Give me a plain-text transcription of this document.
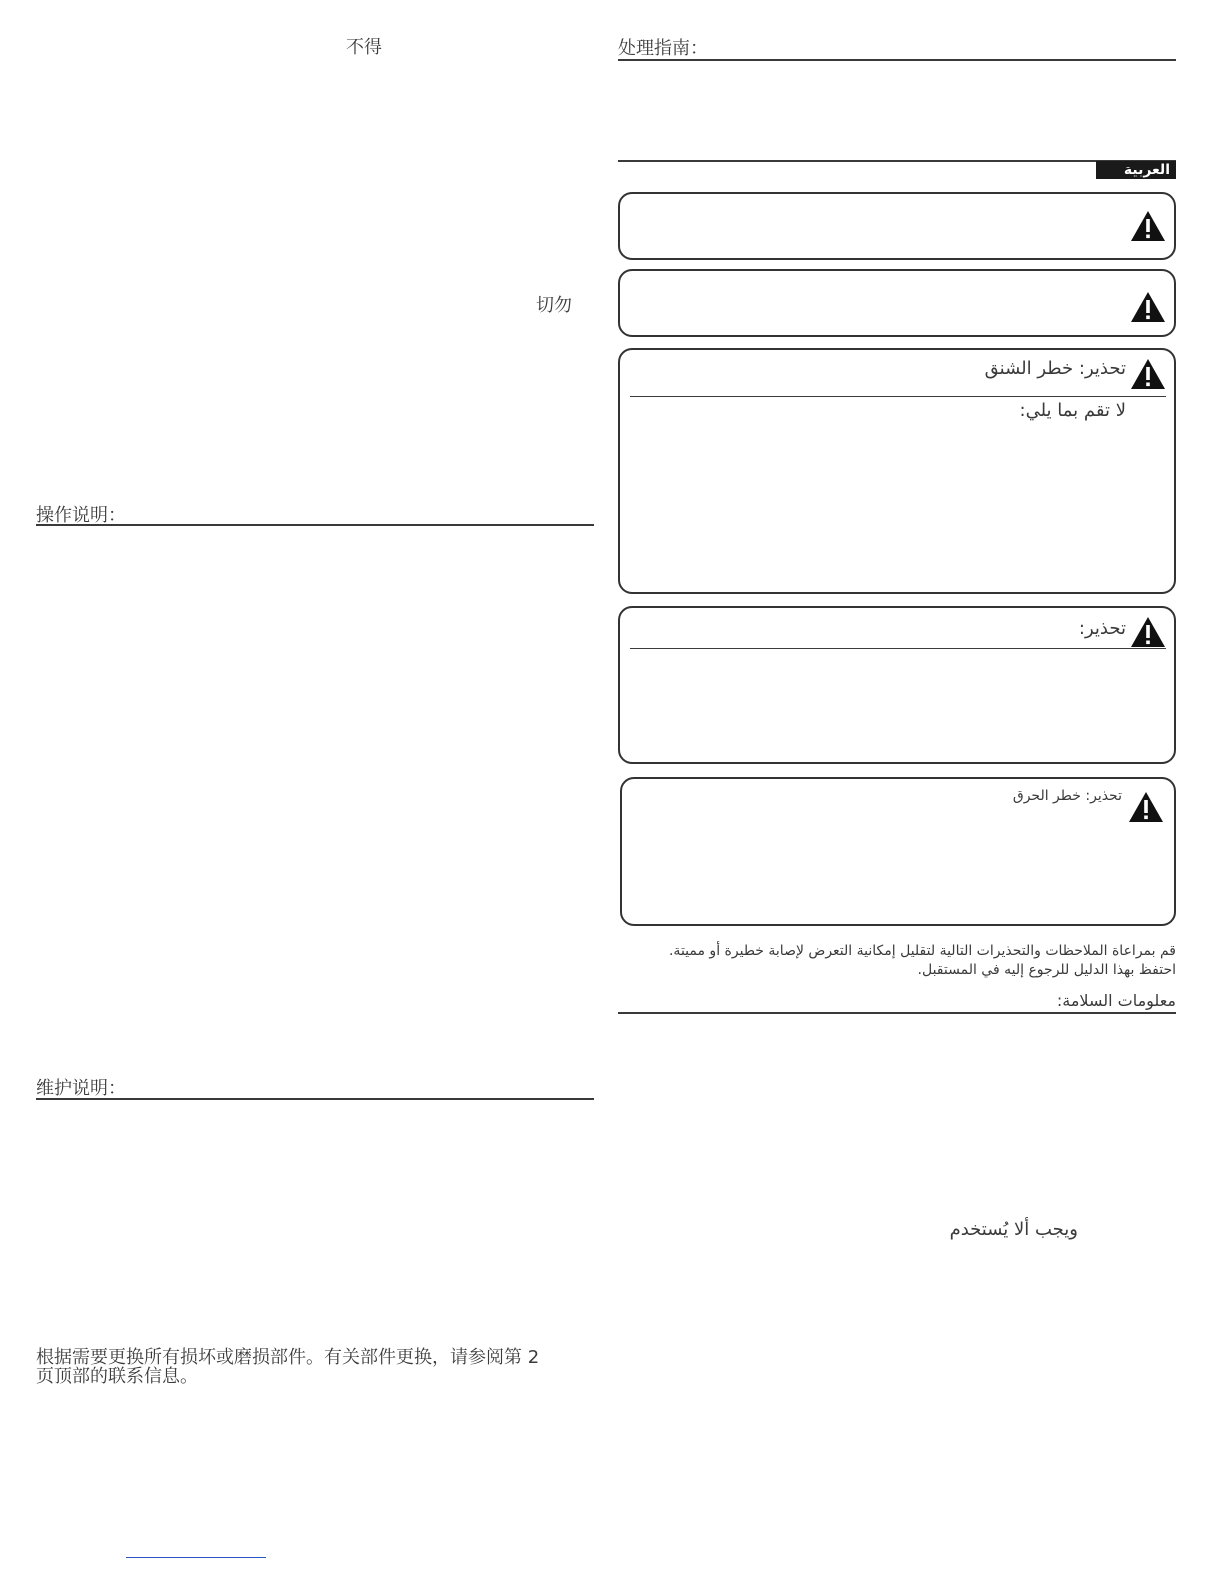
不得
切勿
操作说明：
维护说明：
根据需要更换所有损坏或磨损部件。有关部件更换，请参阅第 2
页顶部的联系信息。
处理指南：
العربية
تحذير: خطر الشنق
لا تقم بما يلي:
تحذير:
تحذير: خطر الحرق
قم بمراعاة الملاحظات والتحذيرات التالية لتقليل إمكانية التعرض لإصابة خطيرة أو مميتة.
احتفظ بهذا الدليل للرجوع إليه في المستقبل.
معلومات السلامة:
ويجب ألا يُستخدم
